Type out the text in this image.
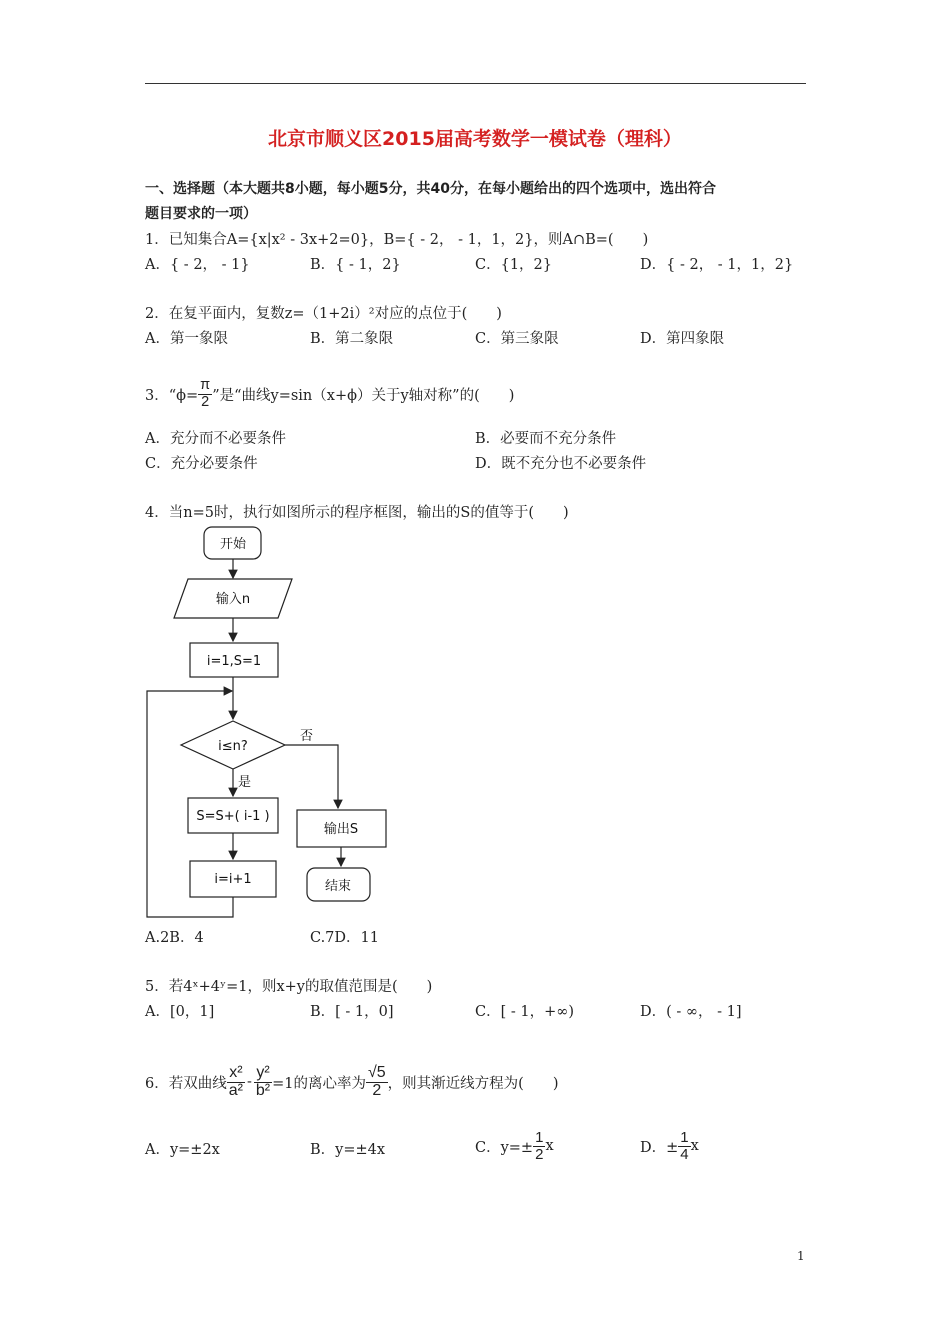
北京市顺义区2015届高考数学一模试卷（理科）
一、选择题（本大题共8小题，每小题5分，共40分，在每小题给出的四个选项中，选出符合
题目要求的一项）
1．已知集合A={x|x² - 3x+2=0}，B={ - 2， - 1，1，2}，则A∩B=(　　)
A．{ - 2， - 1}	B．{ - 1，2}	C．{1，2}	D．{ - 2， - 1，1，2}
2．在复平面内，复数z=（1+2i）²对应的点位于(　　)
A．第一象限	B．第二象限	C．第三象限	D．第四象限
3．“$\phi= \frac{\pi}{2}$ ”是“曲线y=sin（x+ϕ）关于y轴对称”的(　　)
A．充分而不必要条件	B．必要而不充分条件
C．充分必要条件	D．既不充分也不必要条件
4．当n=5时，执行如图所示的程序框图，输出的S的值等于(　　)
开始
输入n
i=1,S=1
i≤n?
否
是
S=S+( i-1 )
i=i+1
输出S
结束
A.2B．4	C.7D．11
5．若4ˣ+4ʸ=1，则x+y的取值范围是(　　)
A．[0，1]	B．[ - 1，0]	C．[ - 1，+∞)	D．( - ∞， - 1]
6．若双曲线 $\frac{\text{x²}}{\text{a²}} - \frac{\text{y²}}{\text{b²}} =1$的离心率为 $\frac{√5}{2}$ ，则其渐近线方程为(　　)
A．y=±2x	B．y=±4x	C．$y=\pm \frac{1}{2}$ x	D．± $\frac{1}{4}$ x
1
